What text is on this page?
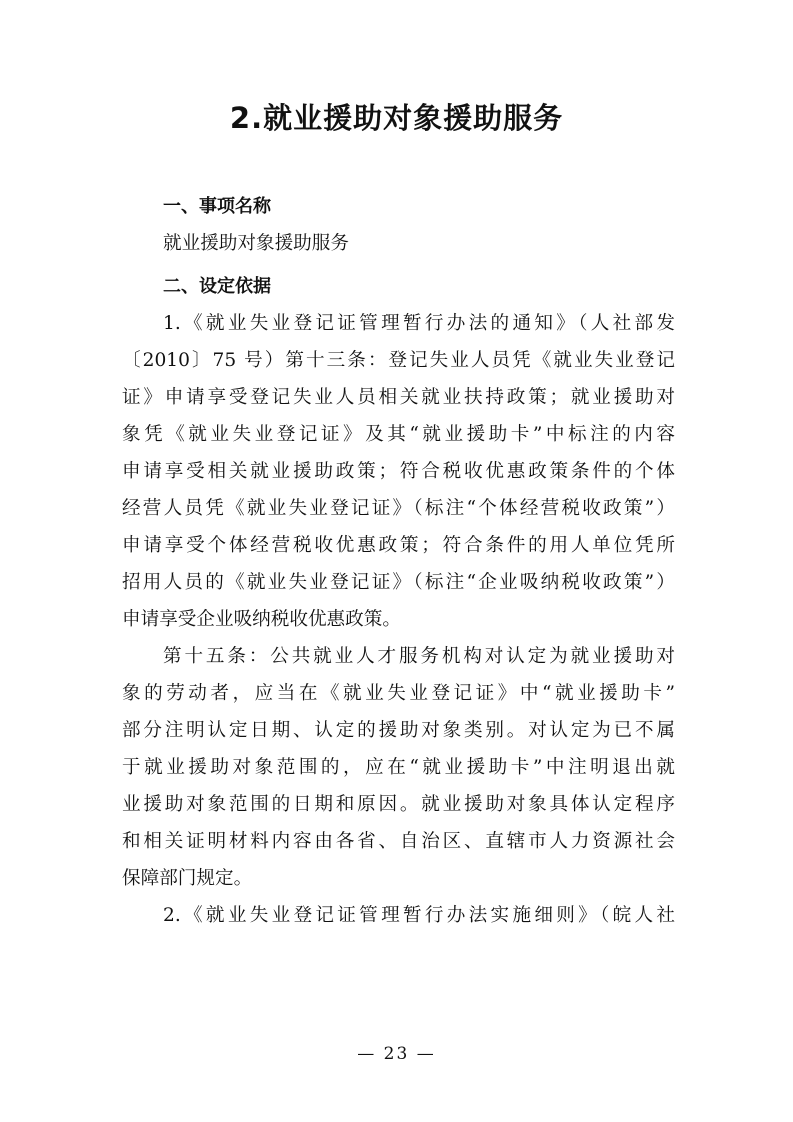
2.就业援助对象援助服务
一、事项名称
就业援助对象援助服务
二、设定依据
1.《就业失业登记证管理暂行办法的通知》（人社部发
〔2010〕75 号）第十三条：登记失业人员凭《就业失业登记
证》申请享受登记失业人员相关就业扶持政策；就业援助对
象凭《就业失业登记证》及其“就业援助卡”中标注的内容
申请享受相关就业援助政策；符合税收优惠政策条件的个体
经营人员凭《就业失业登记证》（标注“个体经营税收政策”）
申请享受个体经营税收优惠政策；符合条件的用人单位凭所
招用人员的《就业失业登记证》（标注“企业吸纳税收政策”）
申请享受企业吸纳税收优惠政策。
第十五条：公共就业人才服务机构对认定为就业援助对
象的劳动者，应当在《就业失业登记证》中“就业援助卡”
部分注明认定日期、认定的援助对象类别。对认定为已不属
于就业援助对象范围的，应在“就业援助卡”中注明退出就
业援助对象范围的日期和原因。就业援助对象具体认定程序
和相关证明材料内容由各省、自治区、直辖市人力资源社会
保障部门规定。
2.《就业失业登记证管理暂行办法实施细则》（皖人社
— 23 —
